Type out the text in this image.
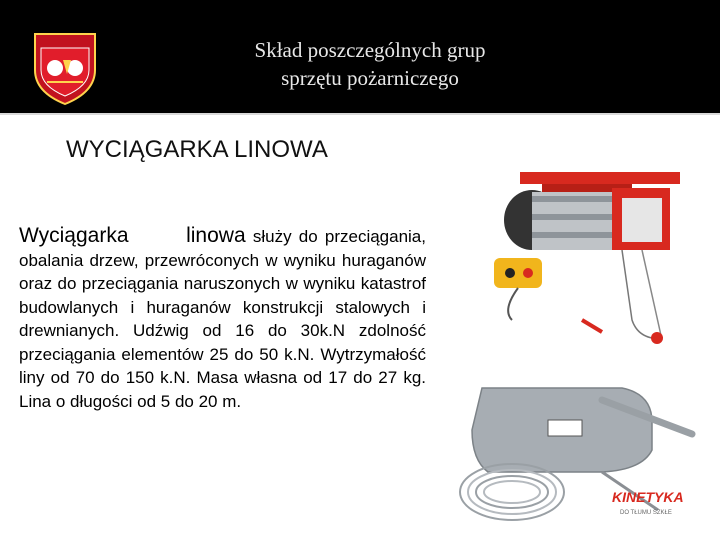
Skład poszczególnych grup
sprzętu pożarniczego
WYCIĄGARKA LINOWA

Wyciągarka	linowa służy do przeciągania, obalania drzew, przewróconych w wyniku huraganów oraz do przeciągania naruszonych w wyniku katastrof budowlanych i huraganów konstrukcji stalowych i drewnianych. Udźwig od 16 do 30k.N zdolność przeciągania elementów 25 do 50 k.N. Wytrzymałość liny od 70 do 150 k.N. Masa własna od 17 do 27 kg. Lina o długości od 5 do 20 m.

KINETYKA
DO TŁUMU SZKŁE
